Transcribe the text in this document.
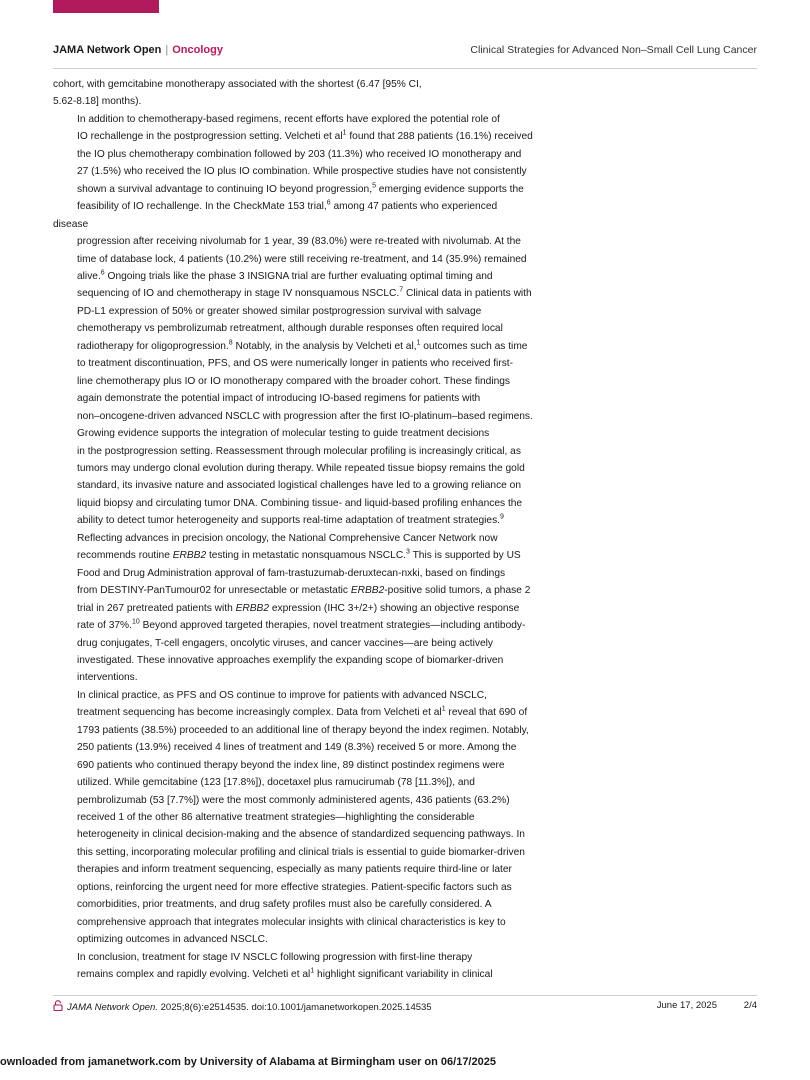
JAMA Network Open | Oncology	Clinical Strategies for Advanced Non–Small Cell Lung Cancer

cohort, with gemcitabine monotherapy associated with the shortest (6.47 [95% CI,
5.62-8.18] months).

In addition to chemotherapy-based regimens, recent efforts have explored the potential role of
IO rechallenge in the postprogression setting. Velcheti et $al^1$ found that 288 patients (16.1%) received
the IO plus chemotherapy combination followed by 203 (11.3%) who received IO monotherapy and
27 (1.5%) who received the IO plus IO combination. While prospective studies have not consistently
shown a survival advantage to continuing IO beyond progression,$^5$ emerging evidence supports the
feasibility of IO rechallenge. In the CheckMate 153 trial,$^6$ among 47 patients who experienced disease
progression after receiving nivolumab for 1 year, 39 (83.0%) were re-treated with nivolumab. At the
time of database lock, 4 patients (10.2%) were still receiving re-treatment, and 14 (35.9%) remained
alive.$^6$ Ongoing trials like the phase 3 INSIGNA trial are further evaluating optimal timing and
sequencing of IO and chemotherapy in stage IV nonsquamous NSCLC.$^7$ Clinical data in patients with
PD-L1 expression of 50% or greater showed similar postprogression survival with salvage
chemotherapy vs pembrolizumab retreatment, although durable responses often required local
radiotherapy for oligoprogression.$^8$ Notably, in the analysis by Velcheti et al,$^1$ outcomes such as time
to treatment discontinuation, PFS, and OS were numerically longer in patients who received first-
line chemotherapy plus IO or IO monotherapy compared with the broader cohort. These findings
again demonstrate the potential impact of introducing IO-based regimens for patients with
non–oncogene-driven advanced NSCLC with progression after the first IO-platinum–based regimens.

Growing evidence supports the integration of molecular testing to guide treatment decisions
in the postprogression setting. Reassessment through molecular profiling is increasingly critical, as
tumors may undergo clonal evolution during therapy. While repeated tissue biopsy remains the gold
standard, its invasive nature and associated logistical challenges have led to a growing reliance on
liquid biopsy and circulating tumor DNA. Combining tissue- and liquid-based profiling enhances the
ability to detect tumor heterogeneity and supports real-time adaptation of treatment strategies.$^9$
Reflecting advances in precision oncology, the National Comprehensive Cancer Network now
recommends routine ERBB2 testing in metastatic nonsquamous NSCLC.$^3$ This is supported by US
Food and Drug Administration approval of fam-trastuzumab-deruxtecan-nxki, based on findings
from DESTINY-PanTumour02 for unresectable or metastatic ERBB2-positive solid tumors, a phase 2
trial in 267 pretreated patients with ERBB2 expression (IHC 3+/2+) showing an objective response
rate of 37%.$^{10}$ Beyond approved targeted therapies, novel treatment strategies—including antibody-
drug conjugates, T-cell engagers, oncolytic viruses, and cancer vaccines—are being actively
investigated. These innovative approaches exemplify the expanding scope of biomarker-driven
interventions.

In clinical practice, as PFS and OS continue to improve for patients with advanced NSCLC,
treatment sequencing has become increasingly complex. Data from Velcheti et $al^1$ reveal that 690 of
1793 patients (38.5%) proceeded to an additional line of therapy beyond the index regimen. Notably,
250 patients (13.9%) received 4 lines of treatment and 149 (8.3%) received 5 or more. Among the
690 patients who continued therapy beyond the index line, 89 distinct postindex regimens were
utilized. While gemcitabine (123 [17.8%]), docetaxel plus ramucirumab (78 [11.3%]), and
pembrolizumab (53 [7.7%]) were the most commonly administered agents, 436 patients (63.2%)
received 1 of the other 86 alternative treatment strategies—highlighting the considerable
heterogeneity in clinical decision-making and the absence of standardized sequencing pathways. In
this setting, incorporating molecular profiling and clinical trials is essential to guide biomarker-driven
therapies and inform treatment sequencing, especially as many patients require third-line or later
options, reinforcing the urgent need for more effective strategies. Patient-specific factors such as
comorbidities, prior treatments, and drug safety profiles must also be carefully considered. A
comprehensive approach that integrates molecular insights with clinical characteristics is key to
optimizing outcomes in advanced NSCLC.

In conclusion, treatment for stage IV NSCLC following progression with first-line therapy
remains complex and rapidly evolving. Velcheti et $al^1$ highlight significant variability in clinical

JAMA Network Open. 2025;8(6):e2514535. doi:10.1001/jamanetworkopen.2025.14535	June 17, 2025	2/4
ownloaded from jamanetwork.com by University of Alabama at Birmingham user on 06/17/2025
